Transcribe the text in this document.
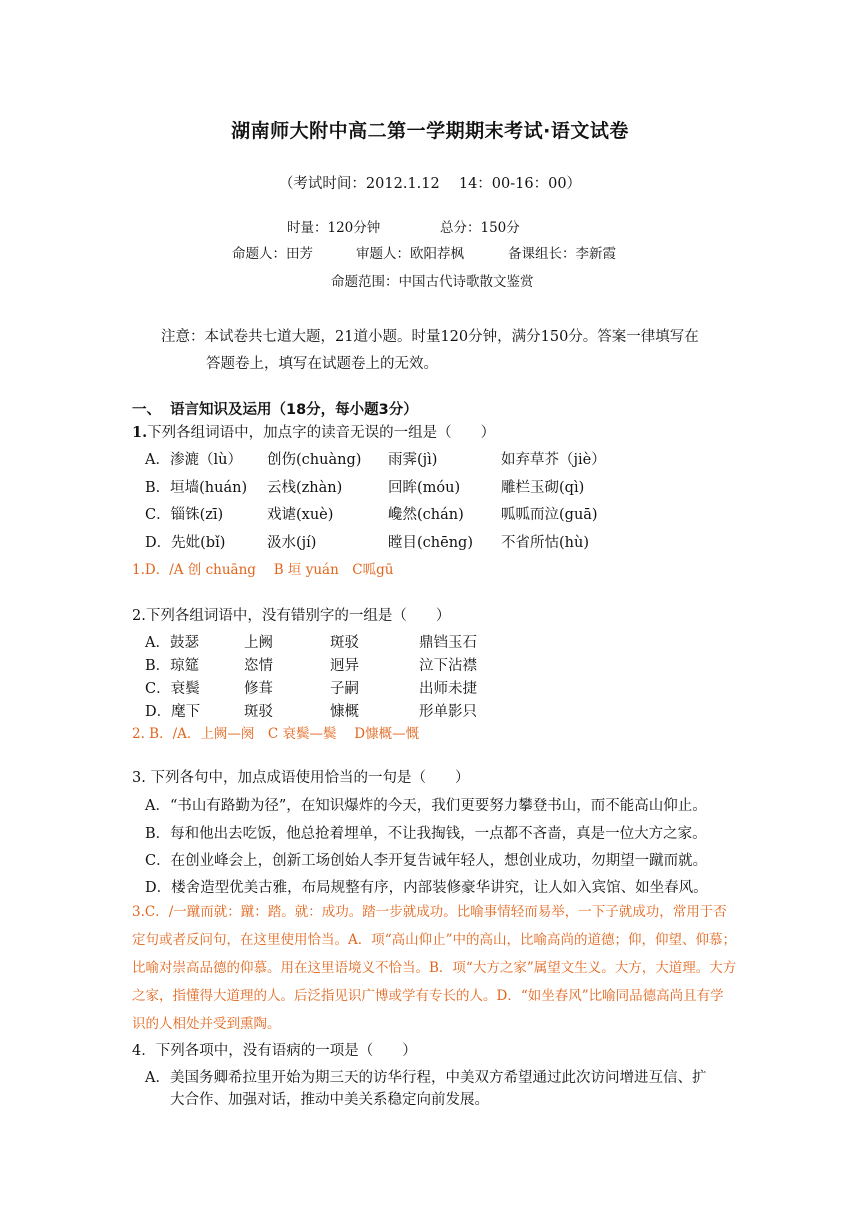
湖南师大附中高二第一学期期末考试·语文试卷
（考试时间：2012.1.12　 14：00-16：00）
时量：120分钟	总分：150分
命题人：田芳	审题人：欧阳荐枫	备课组长：李新霞
命题范围：中国古代诗歌散文鉴赏
注意：本试卷共七道大题，21道小题。时量120分钟，满分150分。答案一律填写在
答题卷上，填写在试题卷上的无效。
一、 语言知识及运用（18分，每小题3分）
1.下列各组词语中，加点字的读音无误的一组是（　　）
A．渗漉（lù） 创伤(chuàng) 雨霁(jì)	如弃草芥（jiè）
B．垣墙(huán) 云栈(zhàn)	回眸(móu)	雕栏玉砌(qì)
C．锱铢(zī)	戏谑(xuè)	巉然(chán)	呱呱而泣(guā)
D．先妣(bǐ)	汲水(jí)	瞠目(chēng) 不省所怙(hù)
1.D．/A 创 chuāng　 B 垣 yuán　C呱gū
2.下列各组词语中，没有错别字的一组是（　　）
A．鼓瑟	上阙	斑驳	鼎铛玉石
B．琼筵	恣情	迥异	泣下沾襟
C．衰鬓	修葺	子嗣	出师未捷
D．麾下	斑驳	慷概	形单影只
2. B．/A．上阙—阕　C 衰鬓—鬓　 D慷概—慨
3. 下列各句中，加点成语使用恰当的一句是（　　）
A．“书山有路勤为径”，在知识爆炸的今天，我们更要努力攀登书山，而不能高山仰止。
B．每和他出去吃饭，他总抢着埋单，不让我掏钱，一点都不吝啬，真是一位大方之家。
C．在创业峰会上，创新工场创始人李开复告诫年轻人，想创业成功，勿期望一蹴而就。
D．楼舍造型优美古雅，布局规整有序，内部装修豪华讲究，让人如入宾馆、如坐春风。
3.C．/一蹴而就：蹴：踏。就：成功。踏一步就成功。比喻事情轻而易举，一下子就成功，常用于否定句或者反问句，在这里使用恰当。A．项“高山仰止”中的高山，比喻高尚的道德；仰，仰望、仰慕；比喻对崇高品德的仰慕。用在这里语境义不恰当。B．项“大方之家”属望文生义。大方，大道理。大方之家，指懂得大道理的人。后泛指见识广博或学有专长的人。D．“如坐春风”比喻同品德高尚且有学识的人相处并受到熏陶。
4．下列各项中，没有语病的一项是（　　）
A．美国务卿希拉里开始为期三天的访华行程，中美双方希望通过此次访问增进互信、扩
大合作、加强对话，推动中美关系稳定向前发展。
